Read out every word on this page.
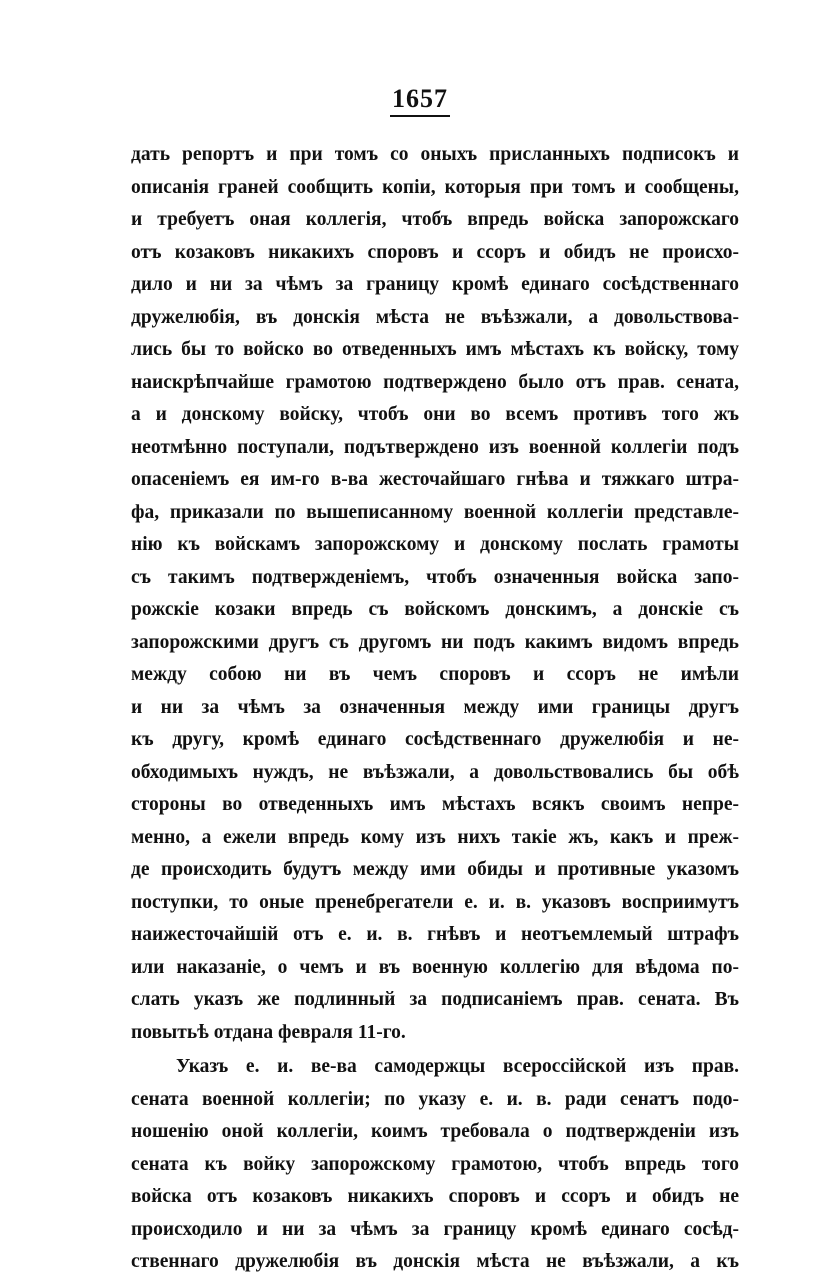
1657
дать репортъ и при томъ со оныхъ присланныхъ подписокъ и
описанія граней сообщить копіи, которыя при томъ и сообщены,
и требуетъ оная коллегія, чтобъ впредь войска запорожскаго
отъ козаковъ никакихъ споровъ и ссоръ и обидъ не происхо-
дило и ни за чѣмъ за границу кромѣ единаго сосѣдственнаго
дружелюбія, въ донскія мѣста не въѣзжали, а довольствова-
лись бы то войско во отведенныхъ имъ мѣстахъ къ войску, тому
наискрѣпчайше грамотою подтверждено было отъ прав. сената,
а и донскому войску, чтобъ они во всемъ противъ того жъ
неотмѣнно поступали, подътверждено изъ военной коллегіи подъ
опасеніемъ ея им-го в-ва жесточайшаго гнѣва и тяжкаго штра-
фа, приказали по вышеписанному военной коллегіи представле-
нію къ войскамъ запорожскому и донскому послать грамоты
съ такимъ подтвержденіемъ, чтобъ означенныя войска запо-
рожскіе козаки впредь съ войскомъ донскимъ, а донскіе съ
запорожскими другъ съ другомъ ни подъ какимъ видомъ впредь
между собою ни въ чемъ споровъ и ссоръ не имѣли
и ни за чѣмъ за означенныя между ими границы другъ
къ другу, кромѣ единаго сосѣдственнаго дружелюбія и не-
обходимыхъ нуждъ, не въѣзжали, а довольствовались бы обѣ
стороны во отведенныхъ имъ мѣстахъ всякъ своимъ непре-
менно, а ежели впредь кому изъ нихъ такіе жъ, какъ и преж-
де происходить будутъ между ими обиды и противные указомъ
поступки, то оные пренебрегатели е. и. в. указовъ восприимутъ
наижесточайшій отъ е. и. в. гнѣвъ и неотъемлемый штрафъ
или наказаніе, о чемъ и въ военную коллегію для вѣдома по-
слать указъ же подлинный за подписаніемъ прав. сената. Въ
повытьѣ отдана февраля 11-го.
Указъ е. и. ве-ва самодержцы всероссійской изъ прав.
сената военной коллегіи; по указу е. и. в. ради сенатъ подо-
ношенію оной коллегіи, коимъ требовала о подтвержденіи изъ
сената къ войку запорожскому грамотою, чтобъ впредь того
войска отъ козаковъ никакихъ споровъ и ссоръ и обидъ не
происходило и ни за чѣмъ за границу кромѣ единаго сосѣд-
ственнаго дружелюбія въ донскія мѣста не въѣзжали, а къ
